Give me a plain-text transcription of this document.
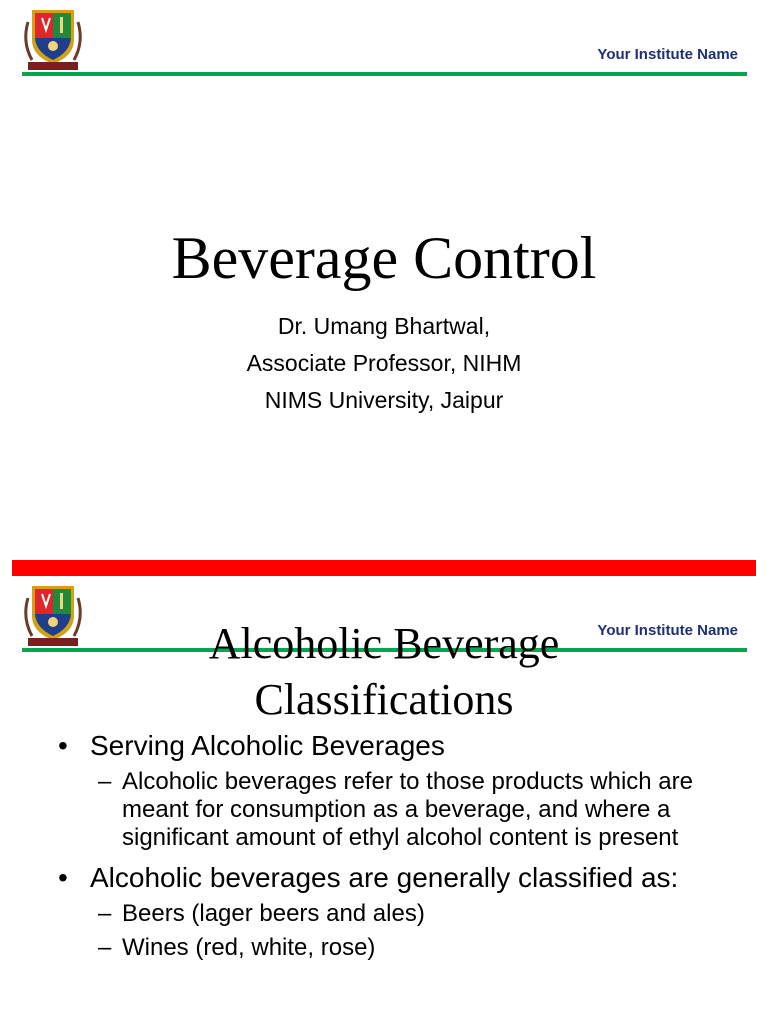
Your Institute Name
Beverage Control
Dr. Umang Bhartwal,
Associate Professor, NIHM
NIMS University, Jaipur
Your Institute Name
Alcoholic Beverage
Classifications
• Serving Alcoholic Beverages
– Alcoholic beverages refer to those products which are meant for consumption as a beverage, and where a significant amount of ethyl alcohol content is present
• Alcoholic beverages are generally classified as:
– Beers (lager beers and ales)
– Wines (red, white, rose)
